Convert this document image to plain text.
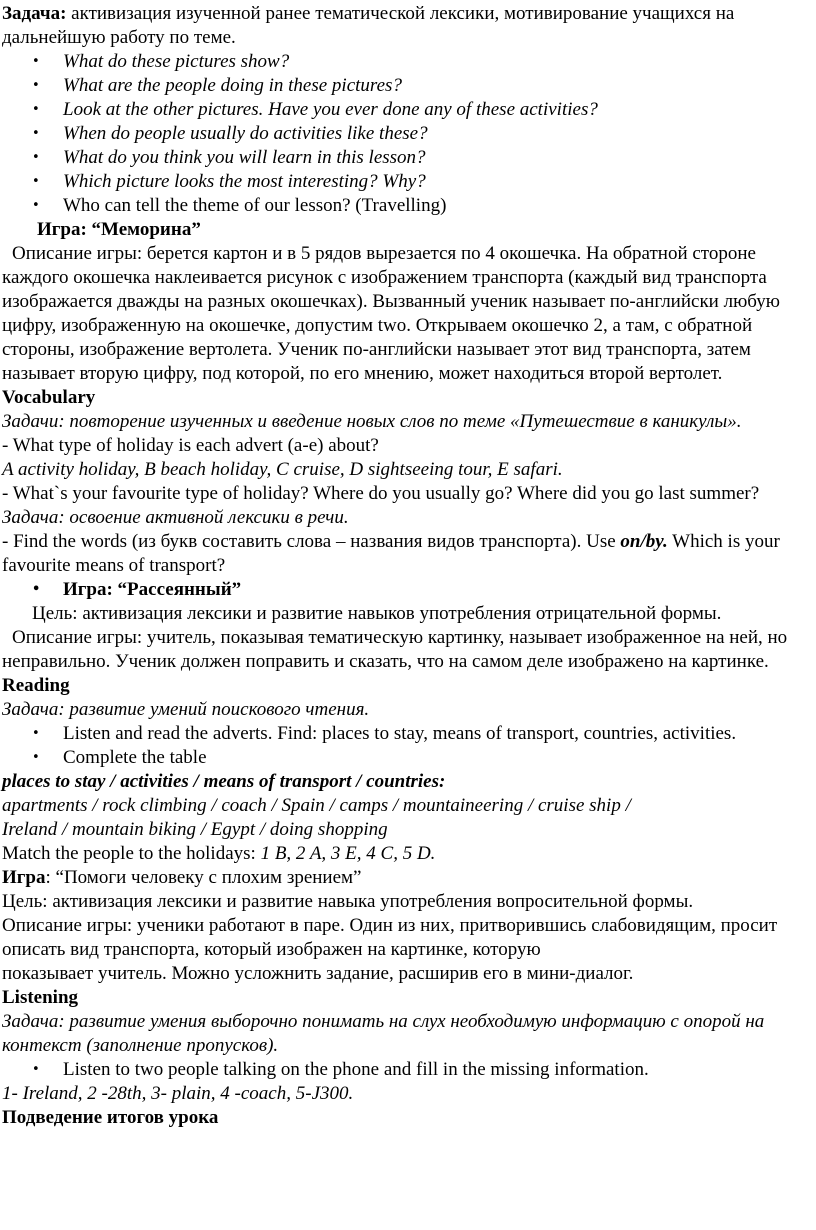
Задача: активизация изученной ранее тематической лексики, мотивирование учащихся на дальнейшую работу по теме.

• What do these pictures show?
• What are the people doing in these pictures?
• Look at the other pictures. Have you ever done any of these activities?
• When do people usually do activities like these?
• What do you think you will learn in this lesson?
• Which picture looks the most interesting? Why?
• Who can tell the theme of our lesson? (Travelling)

Игра: “Меморина”

Описание игры: берется картон и в 5 рядов вырезается по 4 окошечка. На обратной стороне каждого окошечка наклеивается рисунок с изображением транспорта (каждый вид транспорта изображается дважды на разных окошечках). Вызванный ученик называет по-английски любую цифру, изображенную на окошечке, допустим two. Открываем окошечко 2, а там, с обратной стороны, изображение вертолета. Ученик по-английски называет этот вид транспорта, затем называет вторую цифру, под которой, по его мнению, может находиться второй вертолет.

Vocabulary

Задачи: повторение изученных и введение новых слов по теме «Путешествие в каникулы».

- What type of holiday is each advert (a-e) about?

A activity holiday, B beach holiday, C cruise, D sightseeing tour, E safari.

- What`s your favourite type of holiday? Where do you usually go? Where did you go last summer?

Задача: освоение активной лексики в речи.

- Find the words (из букв составить слова – названия видов транспорта). Use on/by. Which is your favourite means of transport?

• Игра: “Рассеянный”

Цель: активизация лексики и развитие навыков употребления отрицательной формы.

Описание игры: учитель, показывая тематическую картинку, называет изображенное на ней, но неправильно. Ученик должен поправить и сказать, что на самом деле изображено на картинке.

Reading

Задача: развитие умений поискового чтения.

• Listen and read the adverts. Find: places to stay, means of transport, countries, activities.
• Complete the table

places to stay / activities / means of transport / countries:

apartments / rock climbing / coach / Spain / camps / mountaineering / cruise ship /

Ireland / mountain biking / Egypt / doing shopping

Match the people to the holidays: 1 B, 2 A, 3 E, 4 C, 5 D.

Игра: “Помоги человеку с плохим зрением”

Цель: активизация лексики и развитие навыка употребления вопросительной формы.

Описание игры: ученики работают в паре. Один из них, притворившись слабовидящим, просит описать вид транспорта, который изображен на картинке, которую

показывает учитель. Можно усложнить задание, расширив его в мини-диалог.

Listening

Задача: развитие умения выборочно понимать на слух необходимую информацию с опорой на контекст (заполнение пропусков).

• Listen to two people talking on the phone and fill in the missing information.

1- Ireland, 2 -28th, 3- plain, 4 -coach, 5-J300.

Подведение итогов урока
